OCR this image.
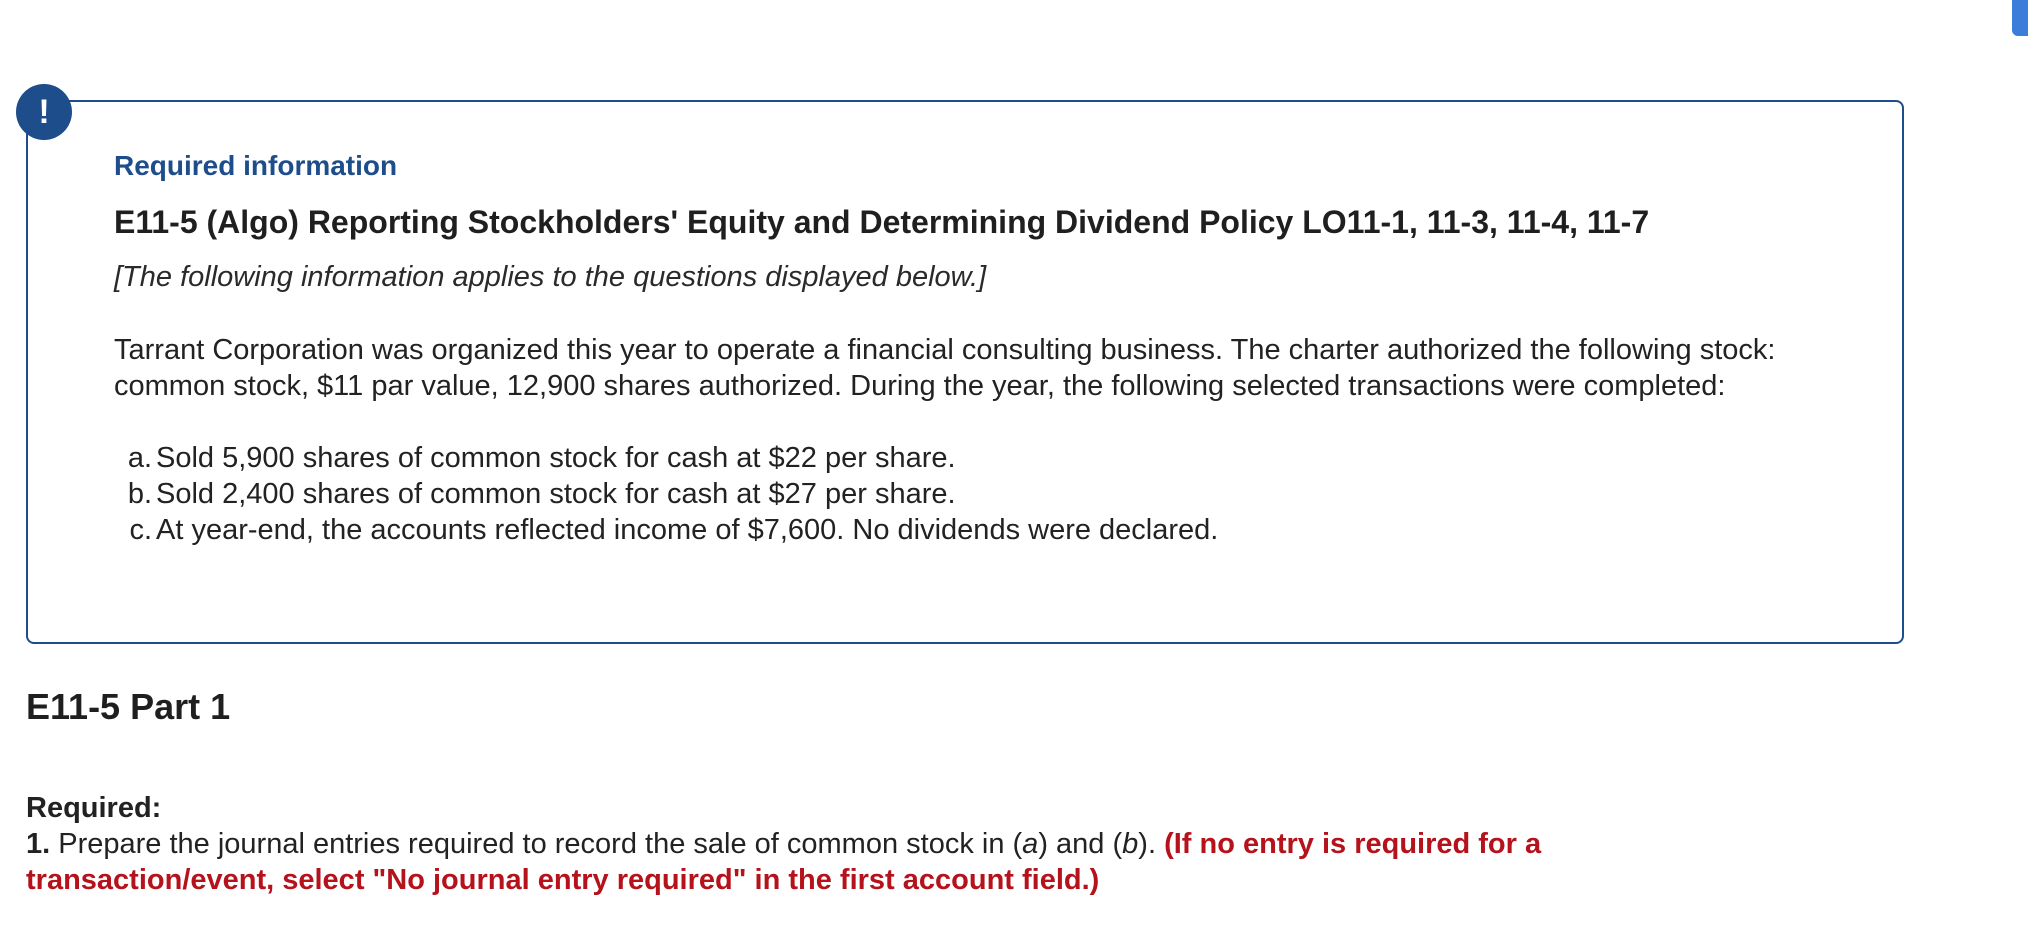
!
Required information
E11-5 (Algo) Reporting Stockholders' Equity and Determining Dividend Policy LO11-1, 11-3, 11-4, 11-7
[The following information applies to the questions displayed below.]
Tarrant Corporation was organized this year to operate a financial consulting business. The charter authorized the following stock: common stock, $11 par value, 12,900 shares authorized. During the year, the following selected transactions were completed:
a. Sold 5,900 shares of common stock for cash at $22 per share.
b. Sold 2,400 shares of common stock for cash at $27 per share.
c. At year-end, the accounts reflected income of $7,600. No dividends were declared.
E11-5 Part 1
Required:
1. Prepare the journal entries required to record the sale of common stock in (a) and (b). (If no entry is required for a transaction/event, select "No journal entry required" in the first account field.)
